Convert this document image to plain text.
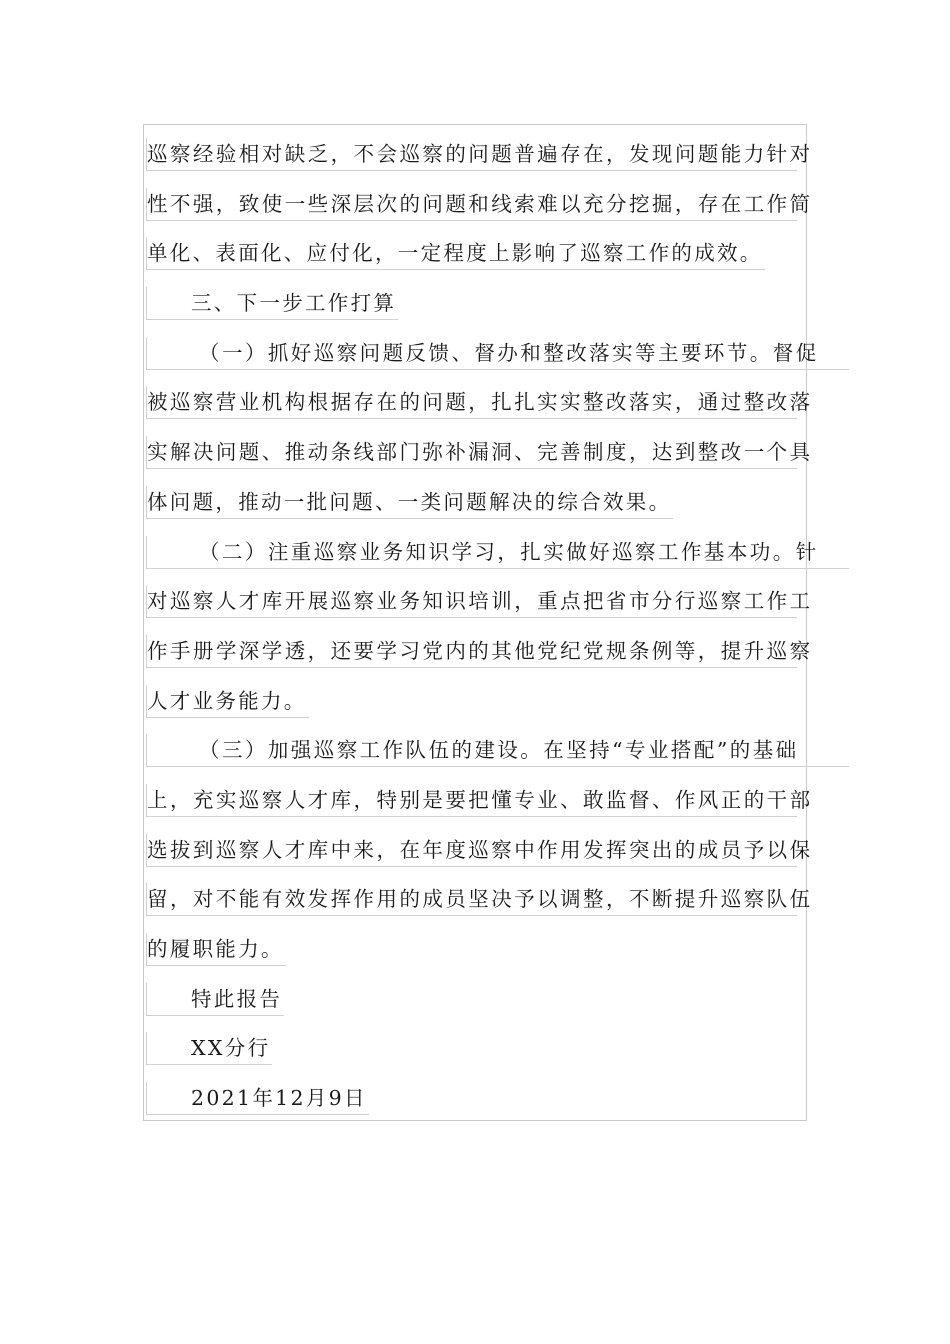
巡察经验相对缺乏，不会巡察的问题普遍存在，发现问题能力针对
性不强，致使一些深层次的问题和线索难以充分挖掘，存在工作简
单化、表面化、应付化，一定程度上影响了巡察工作的成效。
三、下一步工作打算
（一）抓好巡察问题反馈、督办和整改落实等主要环节。督促
被巡察营业机构根据存在的问题，扎扎实实整改落实，通过整改落
实解决问题、推动条线部门弥补漏洞、完善制度，达到整改一个具
体问题，推动一批问题、一类问题解决的综合效果。
（二）注重巡察业务知识学习，扎实做好巡察工作基本功。针
对巡察人才库开展巡察业务知识培训，重点把省市分行巡察工作工
作手册学深学透，还要学习党内的其他党纪党规条例等，提升巡察
人才业务能力。
（三）加强巡察工作队伍的建设。在坚持“专业搭配”的基础
上，充实巡察人才库，特别是要把懂专业、敢监督、作风正的干部
选拔到巡察人才库中来，在年度巡察中作用发挥突出的成员予以保
留，对不能有效发挥作用的成员坚决予以调整，不断提升巡察队伍
的履职能力。
特此报告
XX分行
2021年12月9日
